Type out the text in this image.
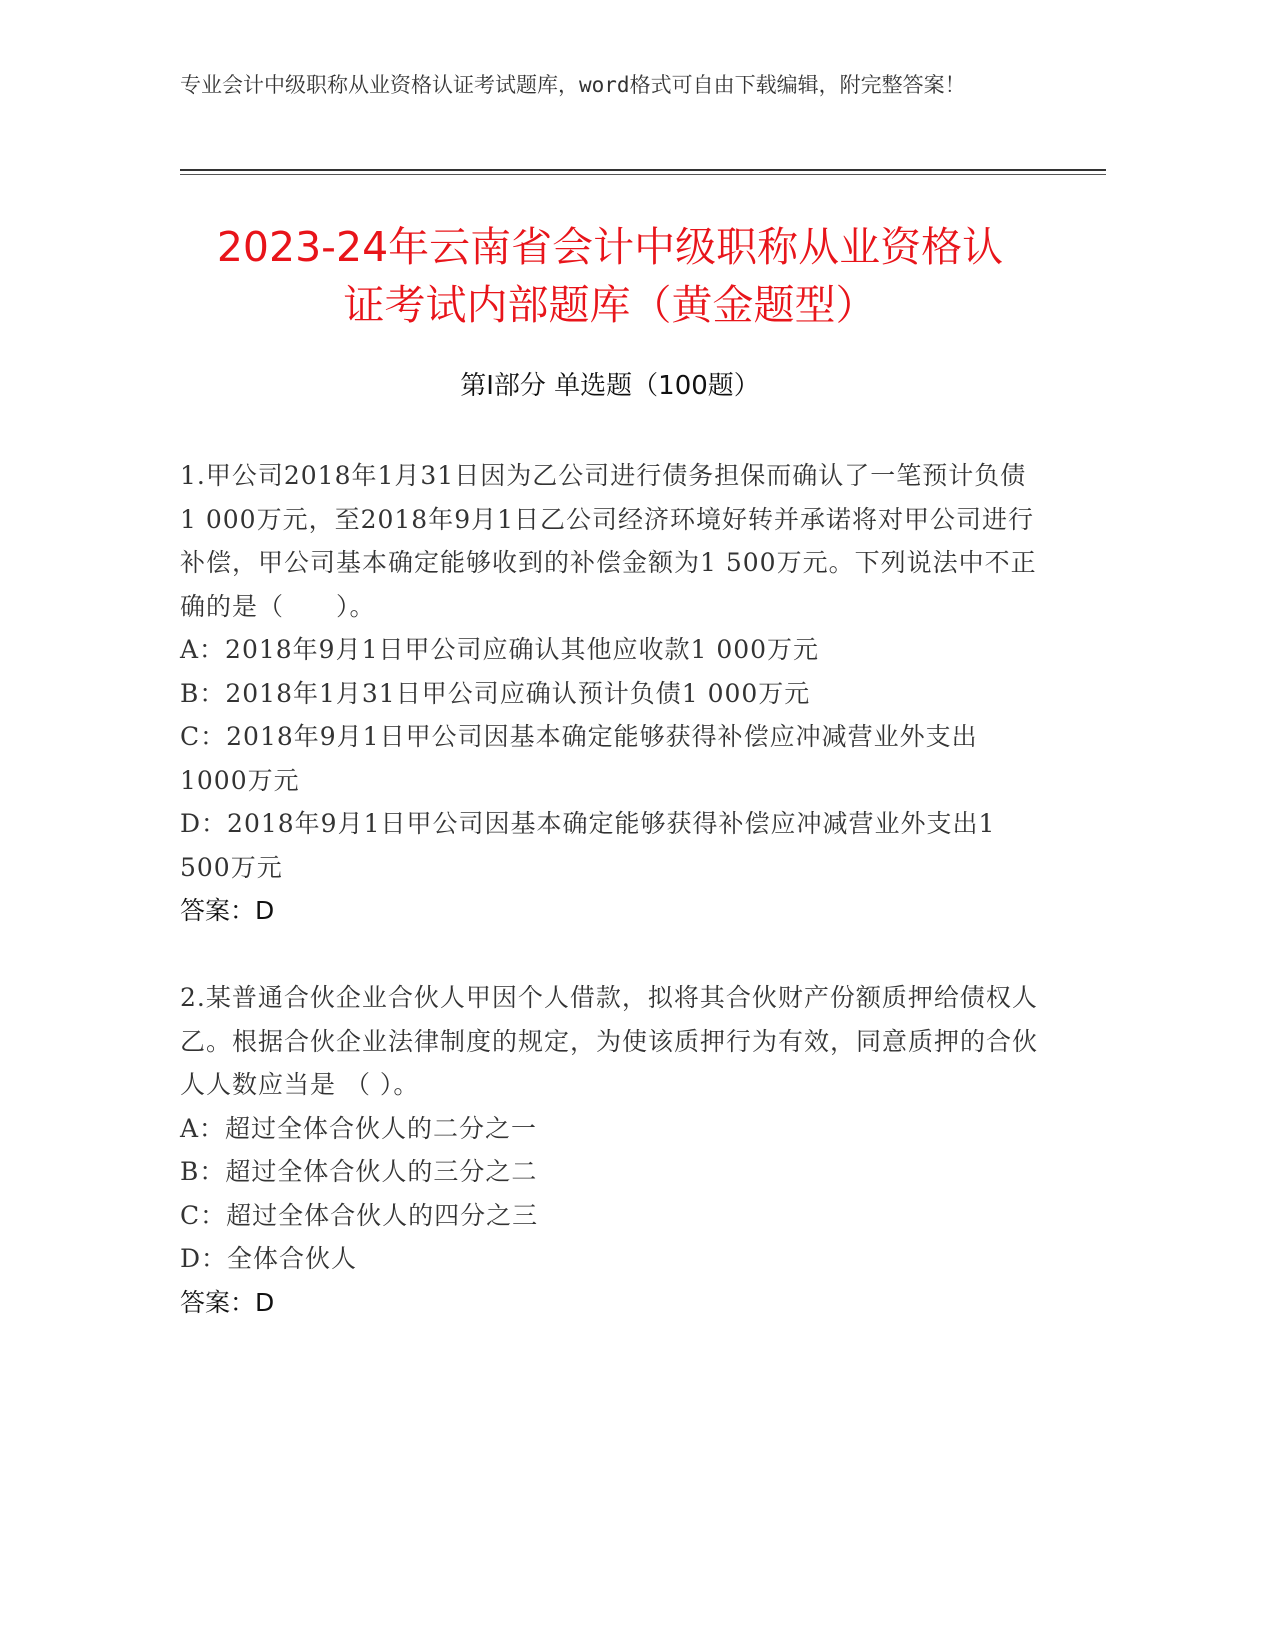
专业会计中级职称从业资格认证考试题库，word格式可自由下载编辑，附完整答案！
2023-24年云南省会计中级职称从业资格认
证考试内部题库（黄金题型）
第Ⅰ部分 单选题（100题）

1.甲公司2018年1月31日因为乙公司进行债务担保而确认了一笔预计负债1 000万元，至2018年9月1日乙公司经济环境好转并承诺将对甲公司进行补偿，甲公司基本确定能够收到的补偿金额为1 500万元。下列说法中不正确的是（　　）。

A：2018年9月1日甲公司应确认其他应收款1 000万元

B：2018年1月31日甲公司应确认预计负债1 000万元

C：2018年9月1日甲公司因基本确定能够获得补偿应冲减营业外支出1000万元

D：2018年9月1日甲公司因基本确定能够获得补偿应冲减营业外支出1 500万元

答案：D

2.某普通合伙企业合伙人甲因个人借款，拟将其合伙财产份额质押给债权人乙。根据合伙企业法律制度的规定，为使该质押行为有效，同意质押的合伙人人数应当是 （ ）。

A：超过全体合伙人的二分之一

B：超过全体合伙人的三分之二

C：超过全体合伙人的四分之三

D：全体合伙人

答案：D
